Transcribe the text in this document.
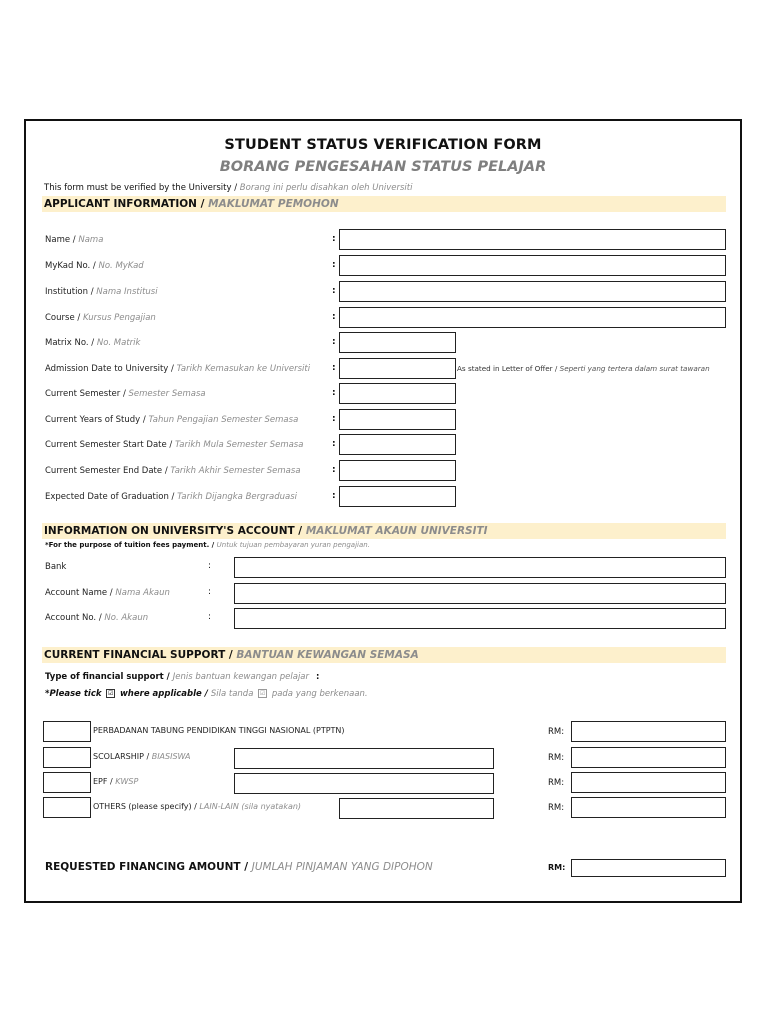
STUDENT STATUS VERIFICATION FORM
BORANG PENGESAHAN STATUS PELAJAR
This form must be verified by the University / Borang ini perlu disahkan oleh Universiti
APPLICANT INFORMATION / MAKLUMAT PEMOHON
Name / Nama	:
MyKad No. / No. MyKad	:
Institution / Nama Institusi	:
Course / Kursus Pengajian	:
Matrix No. / No. Matrik	:
Admission Date to University / Tarikh Kemasukan ke Universiti :
Current Semester / Semester Semasa	:
Current Years of Study / Tahun Pengajian Semester Semasa	:
Current Semester Start Date / Tarikh Mula Semester Semasa	:
Current Semester End Date / Tarikh Akhir Semester Semasa	:
Expected Date of Graduation / Tarikh Dijangka Bergraduasi	:
As stated in Letter of Offer / Seperti yang tertera dalam surat tawaran
INFORMATION ON UNIVERSITY'S ACCOUNT / MAKLUMAT AKAUN UNIVERSITI
*For the purpose of tuition fees payment. / Untuk tujuan pembayaran yuran pengajian.
Bank	:
Account Name / Nama Akaun	:
Account No. / No. Akaun	:
CURRENT FINANCIAL SUPPORT / BANTUAN KEWANGAN SEMASA
Type of financial support / Jenis bantuan kewangan pelajar :
*Please tick ☑ where applicable / Sila tanda ☑ pada yang berkenaan.
PERBADANAN TABUNG PENDIDIKAN TINGGI NASIONAL (PTPTN)	RM:
SCOLARSHIP / BIASISWA	RM:
EPF / KWSP	RM:
OTHERS (please specify) / LAIN-LAIN (sila nyatakan)	RM:
REQUESTED FINANCING AMOUNT / JUMLAH PINJAMAN YANG DIPOHON	RM:
